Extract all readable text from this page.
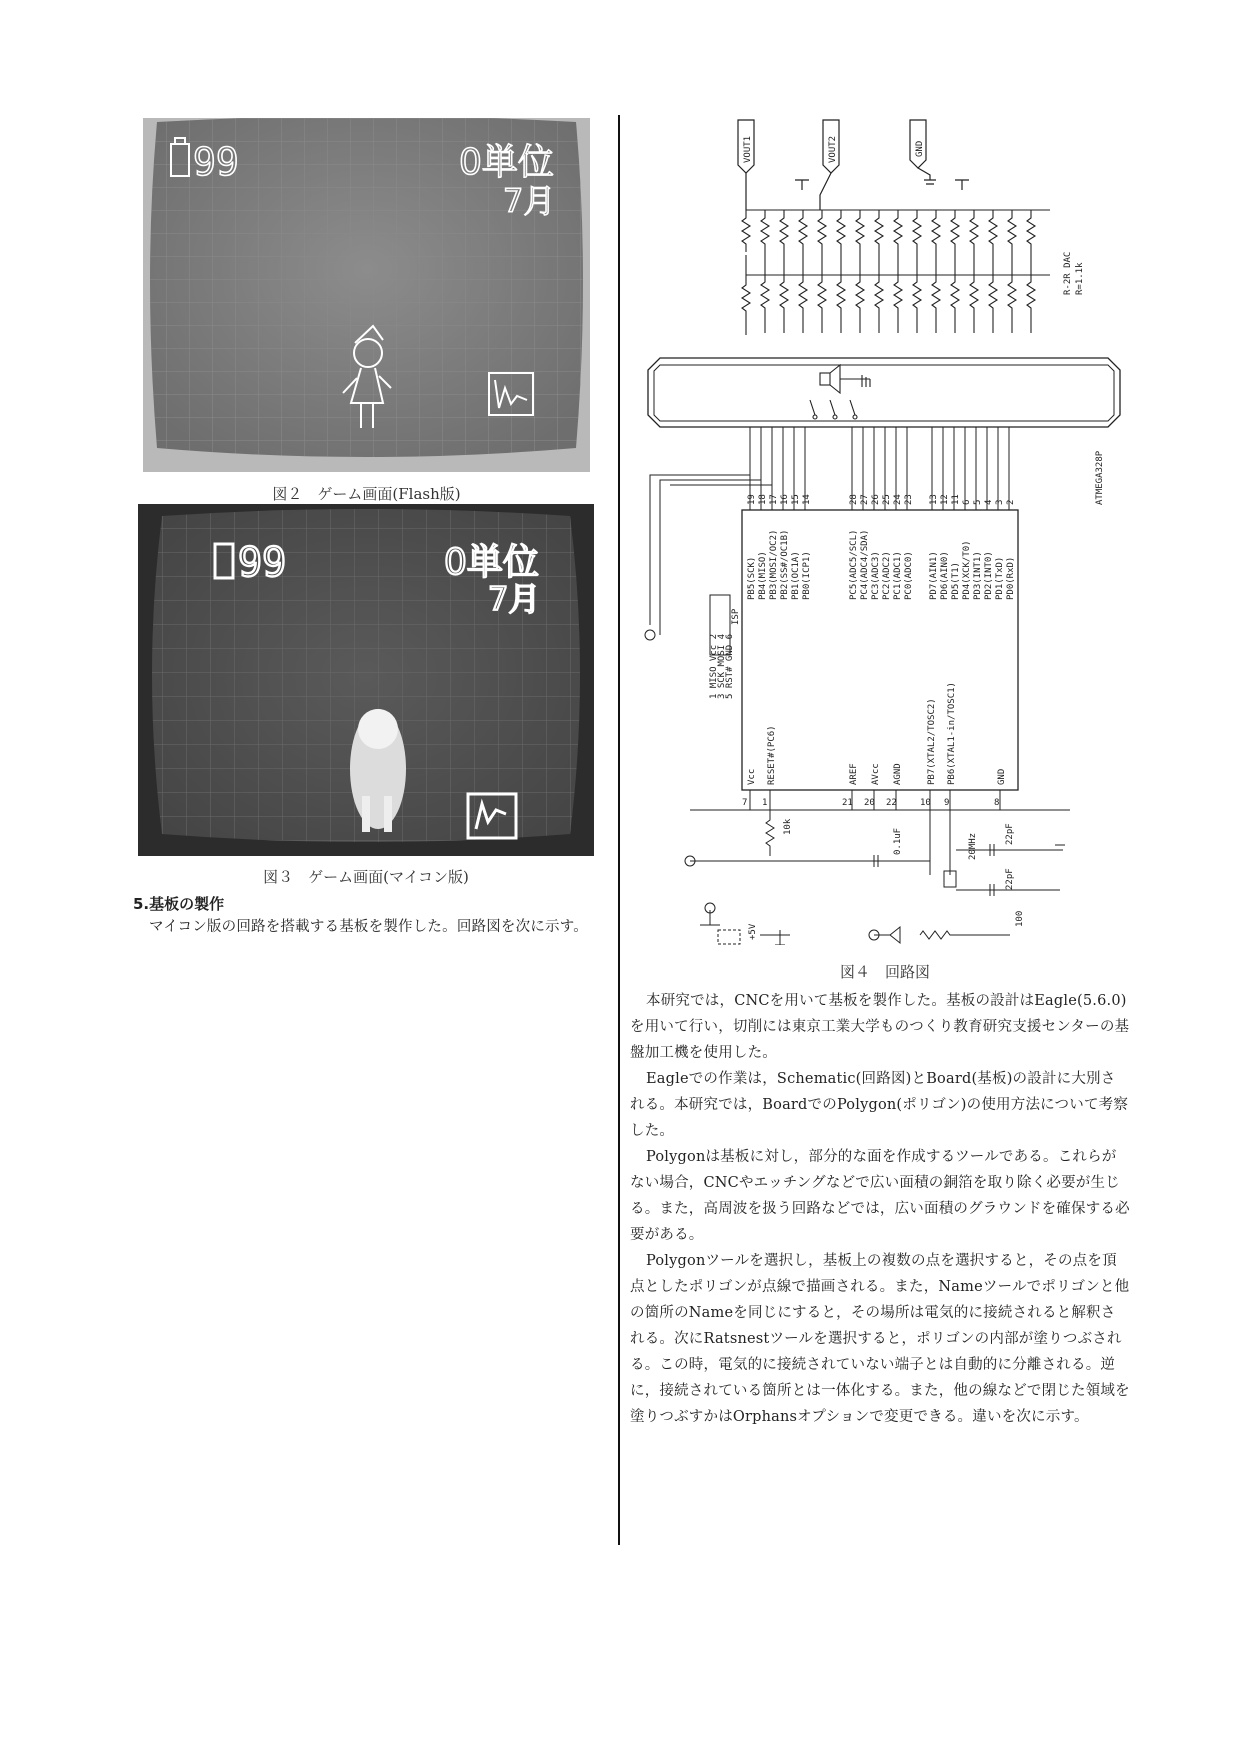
99	0単位
7月
図２　ゲーム画面(Flash版)
99	0単位
7月
図３　ゲーム画面(マイコン版)
5.基板の製作

マイコン版の回路を搭載する基板を製作した。回路図を次に示す。

VOUT1	VOUT2	GND
R-2R DAC R=1.1k
ATMEGA328P
ISP
1 MISO Vcc 2
3 SCK MOSI 4
5 RST# GND 6
PB5(SCK) PB4(MISO) PB3(MOSI/OC2) PB2(SS#/OC1B) PB1(OC1A) PB0(ICP1)
19 18 17 16 15 14
PC5(ADC5/SCL) PC4(ADC4/SDA) PC3(ADC3) PC2(ADC2) PC1(ADC1) PC0(ADC0)
28 27 26 25 24 23
PD7(AIN1) PD6(AIN0) PD5(T1) PD4(XCK/T0) PD3(INT1) PD2(INT0) PD1(TxD) PD0(RxD)
13 12 11 6 5 4 3 2
Vcc RESET#(PC6)	AREF AVcc AGND	PB7(XTAL2/TOSC2) PB6(XTAL1-in/TOSC1)	GND
7 1	21 20 22	10 9	8
10k
0.1uF	20MHz	22pF
22pF
100
+5V
図４　回路図

本研究では，CNCを用いて基板を製作した。基板の設計はEagle(5.6.0)を用いて行い，切削には東京工業大学ものつくり教育研究支援センターの基盤加工機を使用した。

Eagleでの作業は，Schematic(回路図)とBoard(基板)の設計に大別される。本研究では，BoardでのPolygon(ポリゴン)の使用方法について考察した。

Polygonは基板に対し，部分的な面を作成するツールである。これらがない場合，CNCやエッチングなどで広い面積の銅箔を取り除く必要が生じる。また，高周波を扱う回路などでは，広い面積のグラウンドを確保する必要がある。

Polygonツールを選択し，基板上の複数の点を選択すると，その点を頂点としたポリゴンが点線で描画される。また，Nameツールでポリゴンと他の箇所のNameを同じにすると，その場所は電気的に接続されると解釈される。次にRatsnestツールを選択すると，ポリゴンの内部が塗りつぶされる。この時，電気的に接続されていない端子とは自動的に分離される。逆に，接続されている箇所とは一体化する。また，他の線などで閉じた領域を塗りつぶすかはOrphansオプションで変更できる。違いを次に示す。
